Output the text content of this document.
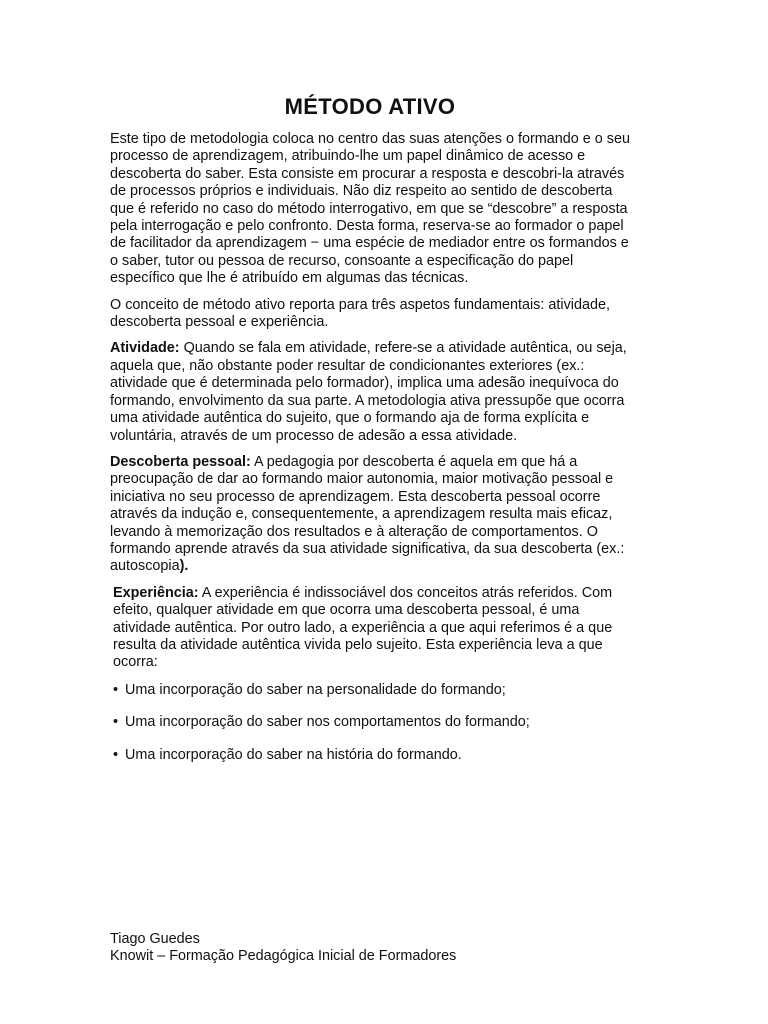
MÉTODO ATIVO

Este tipo de metodologia coloca no centro das suas atenções o formando e o seu processo de aprendizagem, atribuindo-lhe um papel dinâmico de acesso e descoberta do saber. Esta consiste em procurar a resposta e descobri-la através de processos próprios e individuais. Não diz respeito ao sentido de descoberta que é referido no caso do método interrogativo, em que se “descobre” a resposta pela interrogação e pelo confronto. Desta forma, reserva-se ao formador o papel de facilitador da aprendizagem − uma espécie de mediador entre os formandos e o saber, tutor ou pessoa de recurso, consoante a especificação do papel específico que lhe é atribuído em algumas das técnicas.

O conceito de método ativo reporta para três aspetos fundamentais: atividade, descoberta pessoal e experiência.

Atividade: Quando se fala em atividade, refere-se a atividade autêntica, ou seja, aquela que, não obstante poder resultar de condicionantes exteriores (ex.: atividade que é determinada pelo formador), implica uma adesão inequívoca do formando, envolvimento da sua parte. A metodologia ativa pressupõe que ocorra uma atividade autêntica do sujeito, que o formando aja de forma explícita e voluntária, através de um processo de adesão a essa atividade.

Descoberta pessoal: A pedagogia por descoberta é aquela em que há a preocupação de dar ao formando maior autonomia, maior motivação pessoal e iniciativa no seu processo de aprendizagem. Esta descoberta pessoal ocorre através da indução e, consequentemente, a aprendizagem resulta mais eficaz, levando à memorização dos resultados e à alteração de comportamentos. O formando aprende através da sua atividade significativa, da sua descoberta (ex.: autoscopia).

Experiência: A experiência é indissociável dos conceitos atrás referidos. Com efeito, qualquer atividade em que ocorra uma descoberta pessoal, é uma atividade autêntica. Por outro lado, a experiência a que aqui referimos é a que resulta da atividade autêntica vivida pelo sujeito. Esta experiência leva a que ocorra:

• Uma incorporação do saber na personalidade do formando;
• Uma incorporação do saber nos comportamentos do formando;
• Uma incorporação do saber na história do formando.
Tiago Guedes
Knowit – Formação Pedagógica Inicial de Formadores
